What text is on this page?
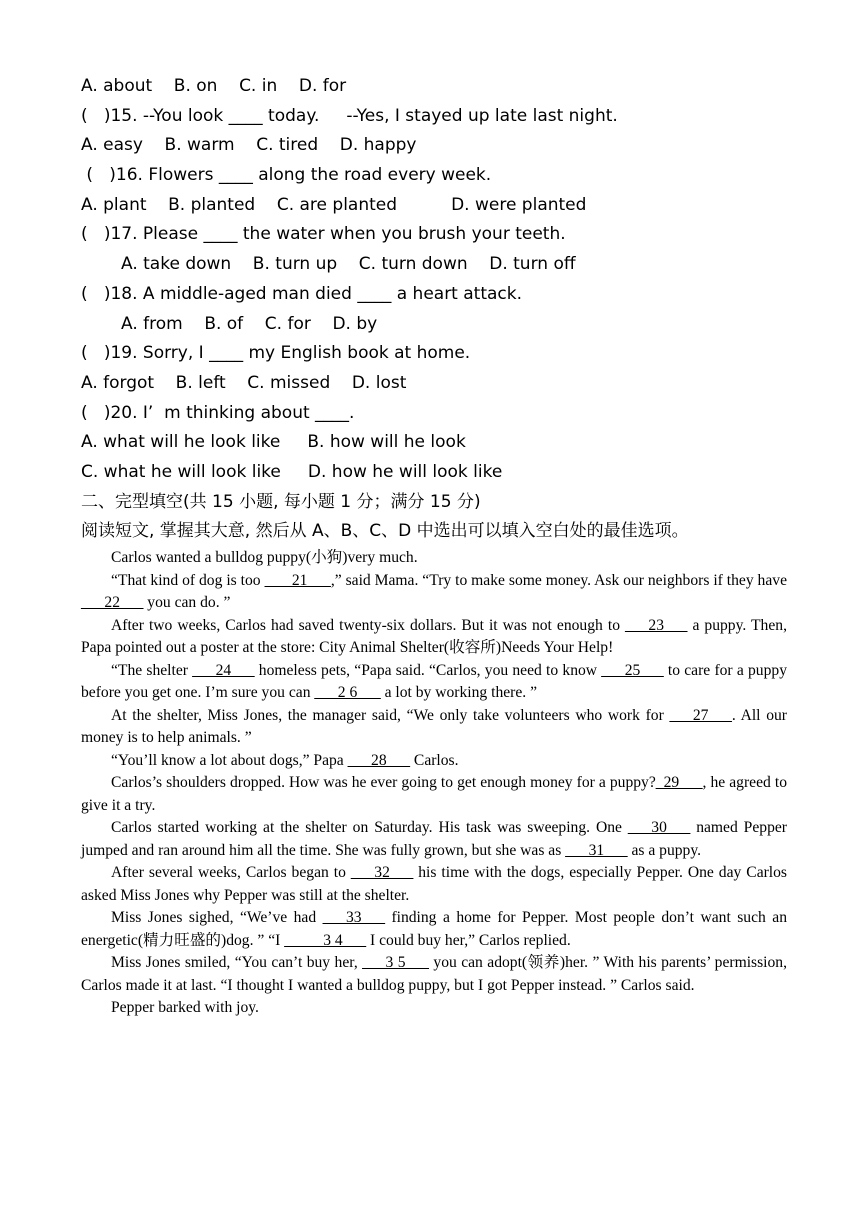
A. about    B. on    C. in    D. for
(   )15. --You look ____ today.     --Yes, I stayed up late last night.
A. easy    B. warm    C. tired    D. happy
(   )16. Flowers ____ along the road every week.
A. plant    B. planted    C. are planted          D. were planted
(   )17. Please ____ the water when you brush your teeth.
A. take down    B. turn up    C. turn down    D. turn off
(   )18. A middle-aged man died ____ a heart attack.
A. from    B. of    C. for    D. by
(   )19. Sorry, I ____ my English book at home.
A. forgot    B. left    C. missed    D. lost
(   )20. I’  m thinking about ____.
A. what will he look like     B. how will he look
C. what he will look like     D. how he will look like
二、完型填空(共 15 小题, 每小题 1 分；满分 15 分)
阅读短文, 掌握其大意, 然后从 A、B、C、D 中选出可以填入空白处的最佳选项。

Carlos wanted a bulldog puppy(小狗)very much.

“That kind of dog is too  ___21___,” said Mama. “Try to make some money. Ask our neighbors if they have ___22___ you can do. ”

After two weeks, Carlos had saved twenty-six dollars. But it was not enough to ___23___ a puppy. Then, Papa pointed out a poster at the store: City Animal Shelter(收容所)Needs Your Help!

“The shelter ___24___ homeless pets, “Papa said. “Carlos, you need to know ___25___ to care for a puppy before you get one. I’m sure you can ___2 6___ a lot by working there. ”

At the shelter, Miss Jones, the manager said, “We only take volunteers who work for ___27___. All our money is to help animals. ”

“You’ll know a lot about dogs,” Papa ___28___ Carlos.

Carlos’s shoulders dropped. How was he ever going to get enough money for a puppy?_29___, he agreed to give it a try.

Carlos started working at the shelter on Saturday. His task was sweeping. One ___30___ named Pepper jumped and ran around him all the time. She was fully grown, but she was as ___31___ as a puppy.

After several weeks, Carlos began to ___32___ his time with the dogs, especially Pepper. One day Carlos asked Miss Jones why Pepper was still at the shelter.

Miss Jones sighed, “We’ve had ___33___ finding a home for Pepper. Most people don’t want such an energetic(精力旺盛的)dog. ” “I _____3 4___ I could buy her,” Carlos replied.

Miss Jones smiled, “You can’t buy her, ___3 5___ you can adopt(领养)her. ” With his parents’ permission, Carlos made it at last. “I thought I wanted a bulldog puppy, but I got Pepper instead. ” Carlos said.

Pepper barked with joy.
